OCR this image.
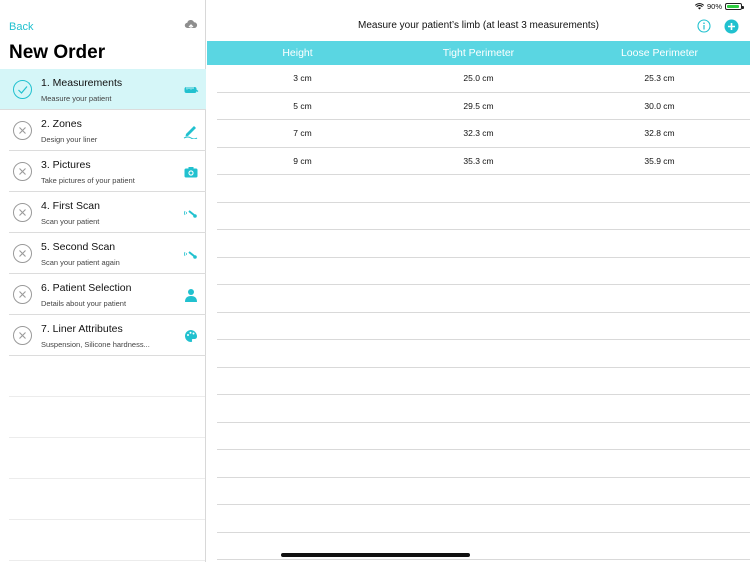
90%
Back
New Order
1. Measurements
Measure your patient
2. Zones
Design your liner
3. Pictures
Take pictures of your patient
4. First Scan
Scan your patient
5. Second Scan
Scan your patient again
6. Patient Selection
Details about your patient
7. Liner Attributes
Suspension, Silicone hardness...
Measure your patient’s limb (at least 3 measurements)
Height	Tight Perimeter	Loose Perimeter
3 cm	25.0 cm	25.3 cm
5 cm	29.5 cm	30.0 cm
7 cm	32.3 cm	32.8 cm
9 cm	35.3 cm	35.9 cm
